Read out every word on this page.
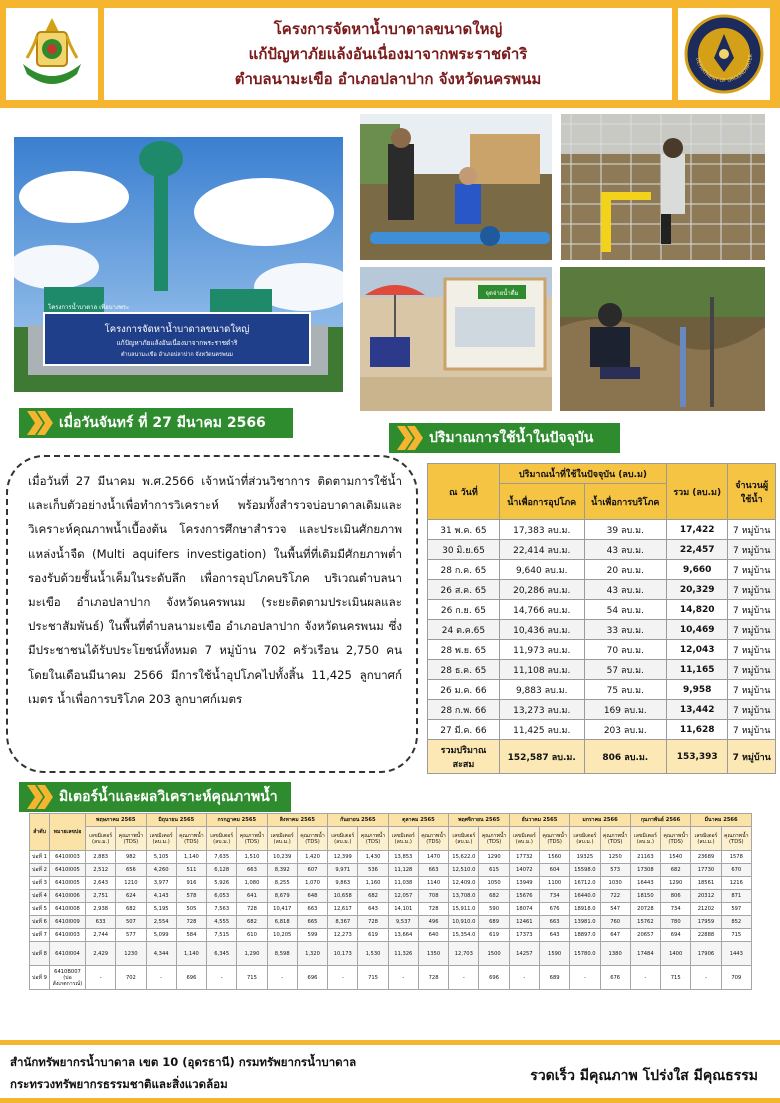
โครงการจัดหาน้ำบาดาลขนาดใหญ่
แก้ปัญหาภัยแล้งอันเนื่องมาจากพระราชดำริ
ตำบลนามะเขือ อำเภอปลาปาก จังหวัดนครพนม
DEPARTMENT OF GROUNDWATER
โครงการน้ำบาดาล เพื่อบางพระ
โครงการจัดหาน้ำบาดาลขนาดใหญ่
แก้ปัญหาภัยแล้งอันเนื่องมาจากพระราชดำริ
ตำบลนามะเขือ อำเภอปลาปาก จังหวัดนครพนม
จุดจ่ายน้ำดื่ม
เมื่อวันจันทร์ ที่ 27 มีนาคม 2566
ปริมาณการใช้น้ำในปัจจุบัน
เมื่อวันที่ 27 มีนาคม พ.ศ.2566 เจ้าหน้าที่ส่วนวิชาการ ติดตามการใช้น้ำและเก็บตัวอย่างน้ำเพื่อทำการวิเคราะห์ พร้อมทั้งสำรวจบ่อบาดาลเดิมและวิเคราะห์คุณภาพน้ำเบื้องต้น โครงการศึกษาสำรวจ และประเมินศักยภาพแหล่งน้ำจืด (Multi aquifers investigation) ในพื้นที่ที่เดิมมีศักยภาพต่ำรองรับด้วยชั้นน้ำเค็มในระดับลึก เพื่อการอุปโภคบริโภค บริเวณตำบลนามะเขือ อำเภอปลาปาก จังหวัดนครพนม (ระยะติดตามประเมินผลและประชาสัมพันธ์) ในพื้นที่ตำบลนามะเขือ อำเภอปลาปาก จังหวัดนครพนม ซึ่งมีประชาชนได้รับประโยชน์ทั้งหมด 7 หมู่บ้าน 702 ครัวเรือน 2,750 คน โดยในเดือนมีนาคม 2566 มีการใช้น้ำอุปโภคไปทั้งสิ้น 11,425 ลูกบาศก์เมตร น้ำเพื่อการบริโภค 203 ลูกบาศก์เมตร
ณ วันที่	ปริมาณน้ำที่ใช้ในปัจจุบัน (ลบ.ม)		รวม (ลบ.ม)	จำนวนผู้ใช้น้ำ
	น้ำเพื่อการอุปโภค	น้ำเพื่อการบริโภค		
31 พ.ค. 65	17,383 ลบ.ม.	39 ลบ.ม.	17,422	7 หมู่บ้าน
30 มิ.ย.65	22,414 ลบ.ม.	43 ลบ.ม.	22,457	7 หมู่บ้าน
28 ก.ค. 65	9,640 ลบ.ม.	20 ลบ.ม.	9,660	7 หมู่บ้าน
26 ส.ค. 65	20,286 ลบ.ม.	43 ลบ.ม.	20,329	7 หมู่บ้าน
26 ก.ย. 65	14,766 ลบ.ม.	54 ลบ.ม.	14,820	7 หมู่บ้าน
24 ต.ค.65	10,436 ลบ.ม.	33 ลบ.ม.	10,469	7 หมู่บ้าน
28 พ.ย. 65	11,973 ลบ.ม.	70 ลบ.ม.	12,043	7 หมู่บ้าน
28 ธ.ค. 65	11,108 ลบ.ม.	57 ลบ.ม.	11,165	7 หมู่บ้าน
26 ม.ค. 66	9,883 ลบ.ม.	75 ลบ.ม.	9,958	7 หมู่บ้าน
28 ก.พ. 66	13,273 ลบ.ม.	169 ลบ.ม.	13,442	7 หมู่บ้าน
27 มี.ค. 66	11,425 ลบ.ม.	203 ลบ.ม.	11,628	7 หมู่บ้าน
รวมปริมาณสะสม	152,587 ลบ.ม.	806 ลบ.ม.	153,393	7 หมู่บ้าน
มิเตอร์น้ำและผลวิเคราะห์คุณภาพน้ำ
ลำดับ	หมายเลขบ่อ	พฤษภาคม 2565		มิถุนายน 2565		กรกฎาคม 2565		สิงหาคม 2565		กันยายน 2565		ตุลาคม 2565		พฤศจิกายน 2565		ธันวาคม 2565		มกราคม 2566		กุมภาพันธ์ 2566		มีนาคม 2566	
		เลขมิเตอร์ (ลบ.ม.)	คุณภาพน้ำ (TDS)	เลขมิเตอร์ (ลบ.ม.)	คุณภาพน้ำ (TDS)	เลขมิเตอร์ (ลบ.ม.)	คุณภาพน้ำ (TDS)	เลขมิเตอร์ (ลบ.ม.)	คุณภาพน้ำ (TDS)	เลขมิเตอร์ (ลบ.ม.)	คุณภาพน้ำ (TDS)	เลขมิเตอร์ (ลบ.ม.)	คุณภาพน้ำ (TDS)	เลขมิเตอร์ (ลบ.ม.)	คุณภาพน้ำ (TDS)	เลขมิเตอร์ (ลบ.ม.)	คุณภาพน้ำ (TDS)	เลขมิเตอร์ (ลบ.ม.)	คุณภาพน้ำ (TDS)	เลขมิเตอร์ (ลบ.ม.)	คุณภาพน้ำ (TDS)	เลขมิเตอร์ (ลบ.ม.)	คุณภาพน้ำ (TDS)
บ่อที่ 1	6410I003	2,883	982	5,105	1,140	7,635	1,510	10,239	1,420	12,399	1,430	13,853	1470	15,622.0	1290	17732	1560	19325	1250	21163	1540	23689	1578
บ่อที่ 2	6410I005	2,512	656	4,260	511	6,128	663	8,392	607	9,971	536	11,128	663	12,510.0	615	14072	604	15598.0	573	17308	682	17730	670
บ่อที่ 3	6410I005	2,643	1210	3,977	916	5,926	1,080	8,255	1,070	9,863	1,160	11,038	1140	12,409.0	1050	13949	1100	16712.0	1030	16443	1290	18561	1216
บ่อที่ 4	6410I006	2,751	624	4,143	578	6,053	641	8,679	648	10,658	682	12,057	708	13,708.0	682	15676	734	16440.0	722	18150	806	20312	871
บ่อที่ 5	6410I008	2,938	682	5,195	505	7,563	728	10,417	663	12,617	643	14,101	728	15,911.0	590	18074	676	18918.0	547	20728	734	21202	597
บ่อที่ 6	6410I009	633	507	2,554	728	4,555	682	6,818	665	8,367	728	9,537	496	10,910.0	689	12461	663	13981.0	760	15762	780	17959	852
บ่อที่ 7	6410I003	2,744	577	5,099	584	7,515	610	10,205	599	12,273	619	13,664	640	15,354.0	619	17373	643	18897.0	647	20657	694	22888	715
บ่อที่ 8	6410I004	2,429	1230	4,344	1,140	6,345	1,290	8,598	1,320	10,173	1,530	11,326	1350	12,703	1500	14257	1590	15780.0	1380	17484	1400	17906	1443
บ่อที่ 9	6410B007 (บ่อสังเกตการณ์)	-	702	-	696	-	715	-	696	-	715	-	728	-	696	-	689	-	676	-	715	-	709
สำนักทรัพยากรน้ำบาดาล เขต 10 (อุดรธานี) กรมทรัพยากรน้ำบาดาล
กระทรวงทรัพยากรธรรมชาติและสิ่งแวดล้อม	รวดเร็ว มีคุณภาพ โปร่งใส มีคุณธรรม
